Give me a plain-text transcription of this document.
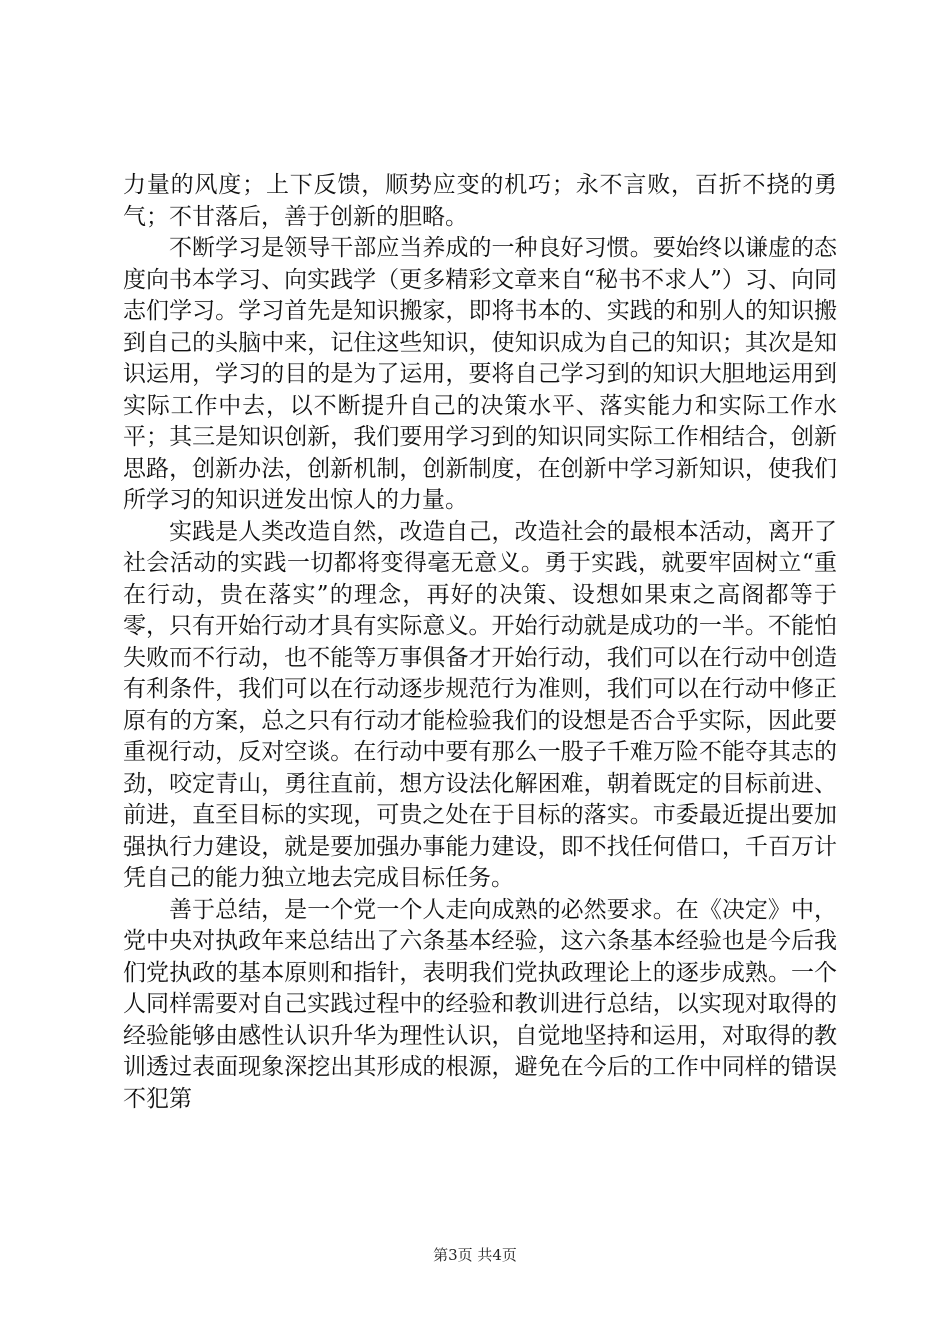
力量的风度；上下反馈，顺势应变的机巧；永不言败，百折不挠的勇气；不甘落后，善于创新的胆略。

不断学习是领导干部应当养成的一种良好习惯。要始终以谦虚的态度向书本学习、向实践学（更多精彩文章来自“秘书不求人”）习、向同志们学习。学习首先是知识搬家，即将书本的、实践的和别人的知识搬到自己的头脑中来，记住这些知识，使知识成为自己的知识；其次是知识运用，学习的目的是为了运用，要将自己学习到的知识大胆地运用到实际工作中去，以不断提升自己的决策水平、落实能力和实际工作水平；其三是知识创新，我们要用学习到的知识同实际工作相结合，创新思路，创新办法，创新机制，创新制度，在创新中学习新知识，使我们所学习的知识迸发出惊人的力量。

实践是人类改造自然，改造自己，改造社会的最根本活动，离开了社会活动的实践一切都将变得毫无意义。勇于实践，就要牢固树立“重在行动，贵在落实”的理念，再好的决策、设想如果束之高阁都等于零，只有开始行动才具有实际意义。开始行动就是成功的一半。不能怕失败而不行动，也不能等万事俱备才开始行动，我们可以在行动中创造有利条件，我们可以在行动逐步规范行为准则，我们可以在行动中修正原有的方案，总之只有行动才能检验我们的设想是否合乎实际，因此要重视行动，反对空谈。在行动中要有那么一股子千难万险不能夺其志的劲，咬定青山，勇往直前，想方设法化解困难，朝着既定的目标前进、前进，直至目标的实现，可贵之处在于目标的落实。市委最近提出要加强执行力建设，就是要加强办事能力建设，即不找任何借口，千百万计凭自己的能力独立地去完成目标任务。

善于总结，是一个党一个人走向成熟的必然要求。在《决定》中，党中央对执政年来总结出了六条基本经验，这六条基本经验也是今后我们党执政的基本原则和指针，表明我们党执政理论上的逐步成熟。一个人同样需要对自己实践过程中的经验和教训进行总结，以实现对取得的经验能够由感性认识升华为理性认识，自觉地坚持和运用，对取得的教训透过表面现象深挖出其形成的根源，避免在今后的工作中同样的错误不犯第

第3页 共4页
